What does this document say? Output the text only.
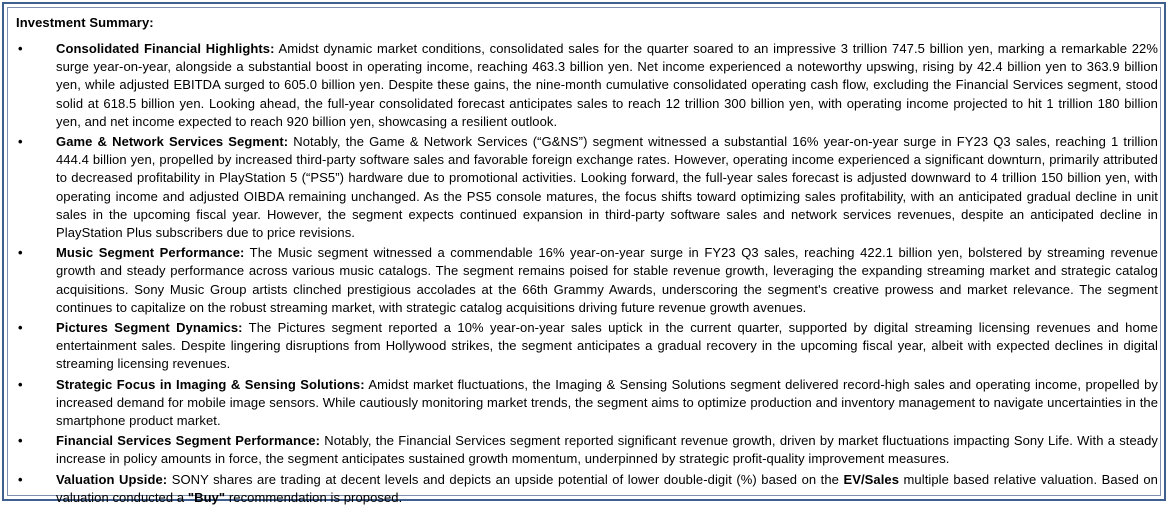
Investment Summary:
•	Consolidated Financial Highlights: Amidst dynamic market conditions, consolidated sales for the quarter soared to an impressive 3 trillion 747.5 billion yen, marking a remarkable 22% surge year-on-year, alongside a substantial boost in operating income, reaching 463.3 billion yen. Net income experienced a noteworthy upswing, rising by 42.4 billion yen to 363.9 billion yen, while adjusted EBITDA surged to 605.0 billion yen. Despite these gains, the nine-month cumulative consolidated operating cash flow, excluding the Financial Services segment, stood solid at 618.5 billion yen. Looking ahead, the full-year consolidated forecast anticipates sales to reach 12 trillion 300 billion yen, with operating income projected to hit 1 trillion 180 billion yen, and net income expected to reach 920 billion yen, showcasing a resilient outlook.
•	Game & Network Services Segment: Notably, the Game & Network Services (“G&NS”) segment witnessed a substantial 16% year-on-year surge in FY23 Q3 sales, reaching 1 trillion 444.4 billion yen, propelled by increased third-party software sales and favorable foreign exchange rates. However, operating income experienced a significant downturn, primarily attributed to decreased profitability in PlayStation 5 (“PS5”) hardware due to promotional activities. Looking forward, the full-year sales forecast is adjusted downward to 4 trillion 150 billion yen, with operating income and adjusted OIBDA remaining unchanged. As the PS5 console matures, the focus shifts toward optimizing sales profitability, with an anticipated gradual decline in unit sales in the upcoming fiscal year. However, the segment expects continued expansion in third-party software sales and network services revenues, despite an anticipated decline in PlayStation Plus subscribers due to price revisions.
•	Music Segment Performance: The Music segment witnessed a commendable 16% year-on-year surge in FY23 Q3 sales, reaching 422.1 billion yen, bolstered by streaming revenue growth and steady performance across various music catalogs. The segment remains poised for stable revenue growth, leveraging the expanding streaming market and strategic catalog acquisitions. Sony Music Group artists clinched prestigious accolades at the 66th Grammy Awards, underscoring the segment's creative prowess and market relevance. The segment continues to capitalize on the robust streaming market, with strategic catalog acquisitions driving future revenue growth avenues.
•	Pictures Segment Dynamics: The Pictures segment reported a 10% year-on-year sales uptick in the current quarter, supported by digital streaming licensing revenues and home entertainment sales. Despite lingering disruptions from Hollywood strikes, the segment anticipates a gradual recovery in the upcoming fiscal year, albeit with expected declines in digital streaming licensing revenues.
•	Strategic Focus in Imaging & Sensing Solutions: Amidst market fluctuations, the Imaging & Sensing Solutions segment delivered record-high sales and operating income, propelled by increased demand for mobile image sensors. While cautiously monitoring market trends, the segment aims to optimize production and inventory management to navigate uncertainties in the smartphone product market.
•	Financial Services Segment Performance: Notably, the Financial Services segment reported significant revenue growth, driven by market fluctuations impacting Sony Life. With a steady increase in policy amounts in force, the segment anticipates sustained growth momentum, underpinned by strategic profit-quality improvement measures.
•	Valuation Upside: SONY shares are trading at decent levels and depicts an upside potential of lower double-digit (%) based on the EV/Sales multiple based relative valuation. Based on valuation conducted a "Buy" recommendation is proposed.
